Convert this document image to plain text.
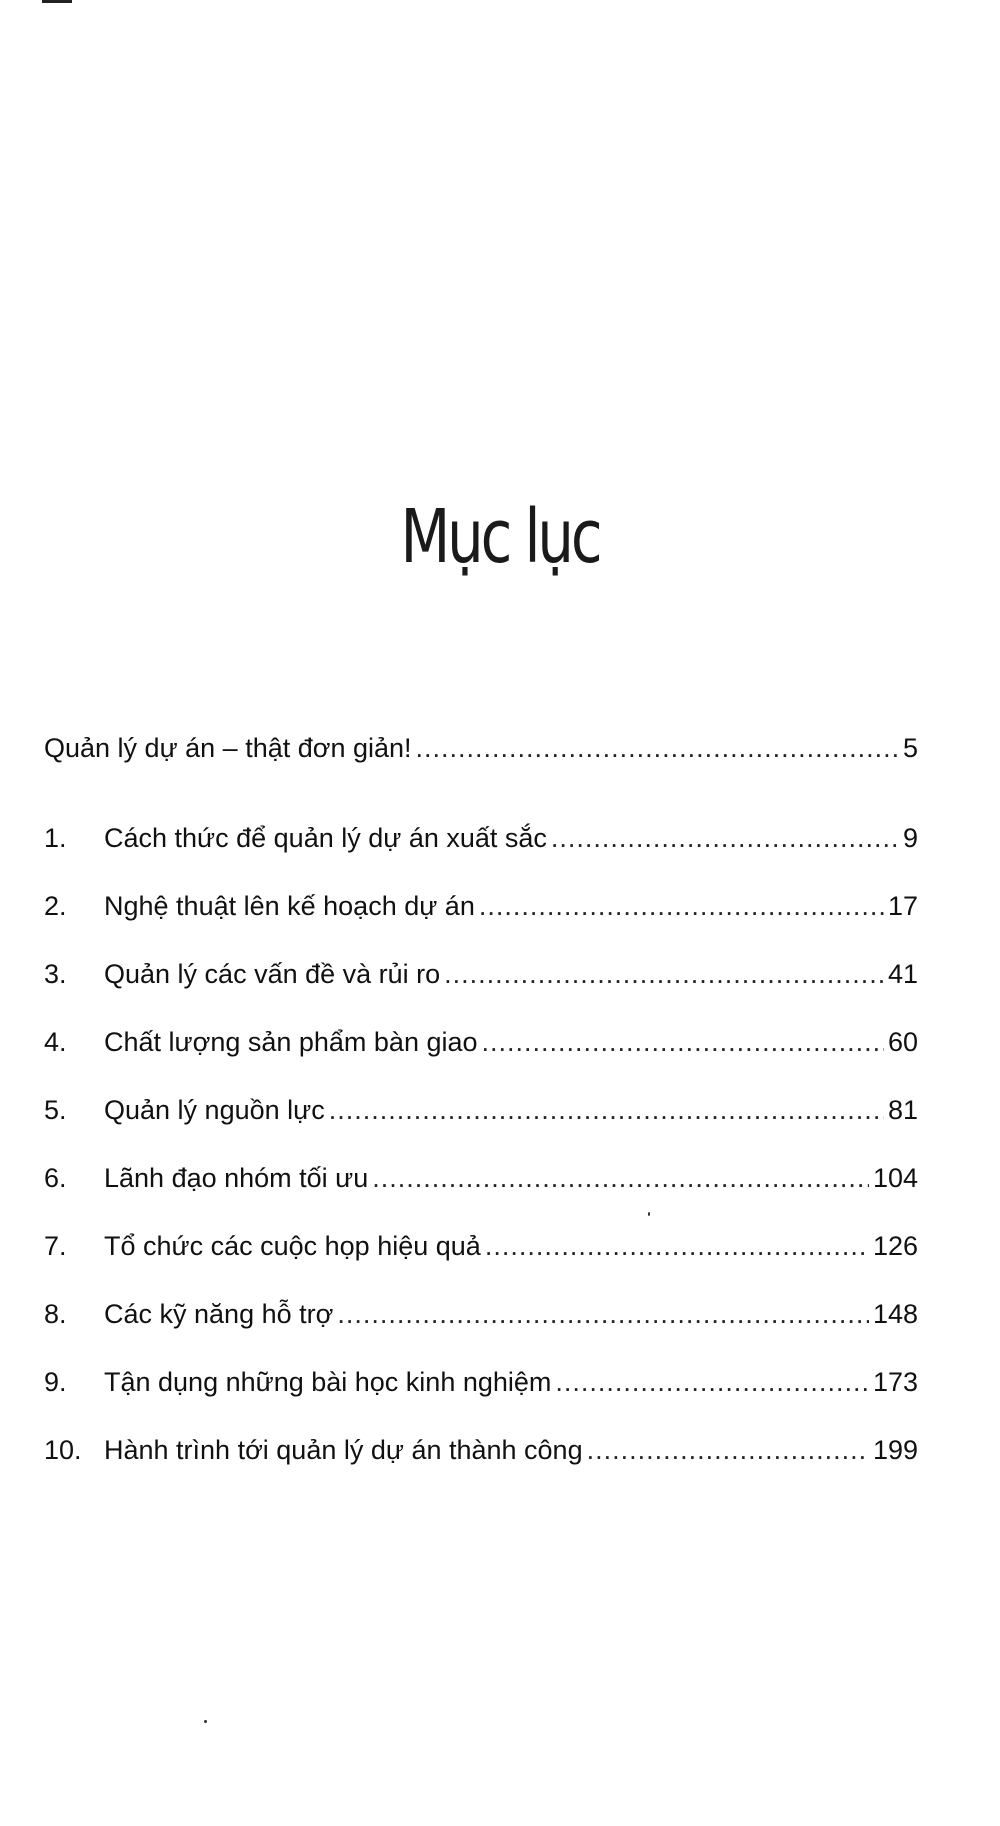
Mục lục
Quản lý dự án – thật đơn giản! .....	5
1.	Cách thức để quản lý dự án xuất sắc .....	9
2.	Nghệ thuật lên kế hoạch dự án .....	17
3.	Quản lý các vấn đề và rủi ro .....	41
4.	Chất lượng sản phẩm bàn giao .....	60
5.	Quản lý nguồn lực .....	81
6.	Lãnh đạo nhóm tối ưu .....	104
7.	Tổ chức các cuộc họp hiệu quả .....	126
8.	Các kỹ năng hỗ trợ .....	148
9.	Tận dụng những bài học kinh nghiệm .....	173
10. Hành trình tới quản lý dự án thành công .....	199
